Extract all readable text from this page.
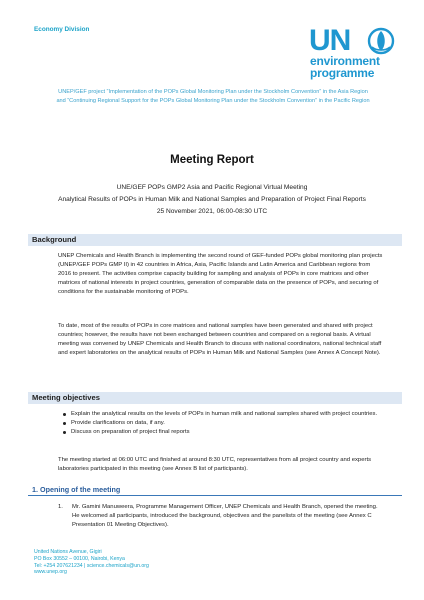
Economy Division	UN
environment
programme
UNEP/GEF project “Implementation of the POPs Global Monitoring Plan under the Stockholm Convention” in the Asia Region
and “Continuing Regional Support for the POPs Global Monitoring Plan under the Stockholm Convention” in the Pacific Region
Meeting Report
UNE/GEF POPs GMP2 Asia and Pacific Regional Virtual Meeting
Analytical Results of POPs in Human Milk and National Samples and Preparation of Project Final Reports
25 November 2021, 06:00-08:30 UTC
Background

UNEP Chemicals and Health Branch is implementing the second round of GEF-funded POPs global monitoring plan projects (UNEP/GEF POPs GMP II) in 42 countries in Africa, Asia, Pacific Islands and Latin America and Caribbean regions from 2016 to present. The activities comprise capacity building for sampling and analysis of POPs in core matrices and other matrices of national interests in project countries, generation of comparable data on the presence of POPs, and securing of conditions for the sustainable monitoring of POPs.

To date, most of the results of POPs in core matrices and national samples have been generated and shared with project countries; however, the results have not been exchanged between countries and compared on a regional basis. A virtual meeting was convened by UNEP Chemicals and Health Branch to discuss with national coordinators, national technical staff and expert laboratories on the analytical results of POPs in Human Milk and National Samples (see Annex A Concept Note).

Meeting objectives
Explain the analytical results on the levels of POPs in human milk and national samples shared with project countries.
Provide clarifications on data, if any.
Discuss on preparation of project final reports

The meeting started at 06:00 UTC and finished at around 8:30 UTC, representatives from all project country and experts laboratories participated in this meeting (see Annex B list of participants).

1. Opening of the meeting
1. Mr. Gamini Manuweera, Programme Management Officer, UNEP Chemicals and Health Branch, opened the meeting. He welcomed all participants, introduced the background, objectives and the panelists of the meeting (see Annex C Presentation 01 Meeting Objectives).
United Nations Avenue, Gigiri
PO Box 30552 – 00100, Nairobi, Kenya
Tel: +254 207621234 | science.chemicals@un.org
www.unep.org
